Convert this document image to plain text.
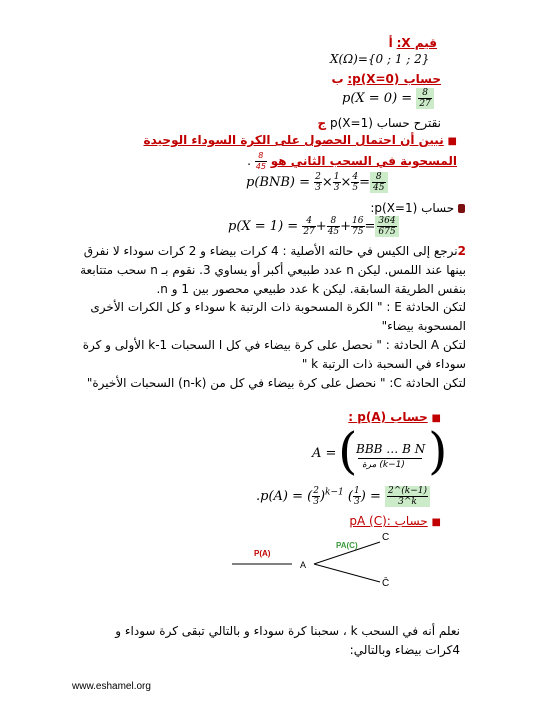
قيم X: أ
X(Ω)={0 ; 1 ; 2}
حساب p(X=0): ب
$p(X = 0) = \frac{8}{27}$
نقترح حساب p(X=1) ج
■ نبين أن احتمال الحصول على الكرة السوداء الوحيدة المسحوبة في السحب الثاني هو
$\frac{8}{45}$
.
$p(BNB) = \frac{2}{3} \times \frac{1}{3} \times \frac{4}{5} = \frac{8}{45}$
حساب p(X=1):
$p(X = 1) = \frac{4}{27} + \frac{8}{45} + \frac{16}{75} = \frac{364}{675}$
2نرجع إلى الكيس في حالته الأصلية : 4 كرات بيضاء و 2 كرات سوداء لا نفرق بينها عند اللمس. ليكن n عدد طبيعي أكبر أو يساوي 3. نقوم بـ n سحب متتابعة بنفس الطريقة السابقة. ليكن k عدد طبيعي محصور بين 1 و n.
لتكن الحادثة E : " الكرة المسحوبة ذات الرتبة k سوداء و كل الكرات الأخرى المسحوبة بيضاء"
لتكن A الحادثة : " نحصل على كرة بيضاء في كل ا السحبات k-1 الأولى و كرة سوداء في السحبة ذات الرتبة k "
لتكن الحادثة C: " نحصل على كرة بيضاء في كل من (n-k) السحبات الأخيرة"
■ حساب p(A) :
A = (
BBB … B N
مرة (k−1) )
.p(A) = ( $\frac{2}{3} )^{k-1}$ ( $\frac{1}{3}$ ) = $\frac{2\^{}(k-1)}{3\^{}k}$
■ حساب :pA (C)
P(A)
A
PA(C)
C
C̄
نعلم أنه في السحب k ، سحبنا كرة سوداء و بالتالي تبقى كرة سوداء و 4كرات بيضاء وبالتالي:
www.eshamel.org
